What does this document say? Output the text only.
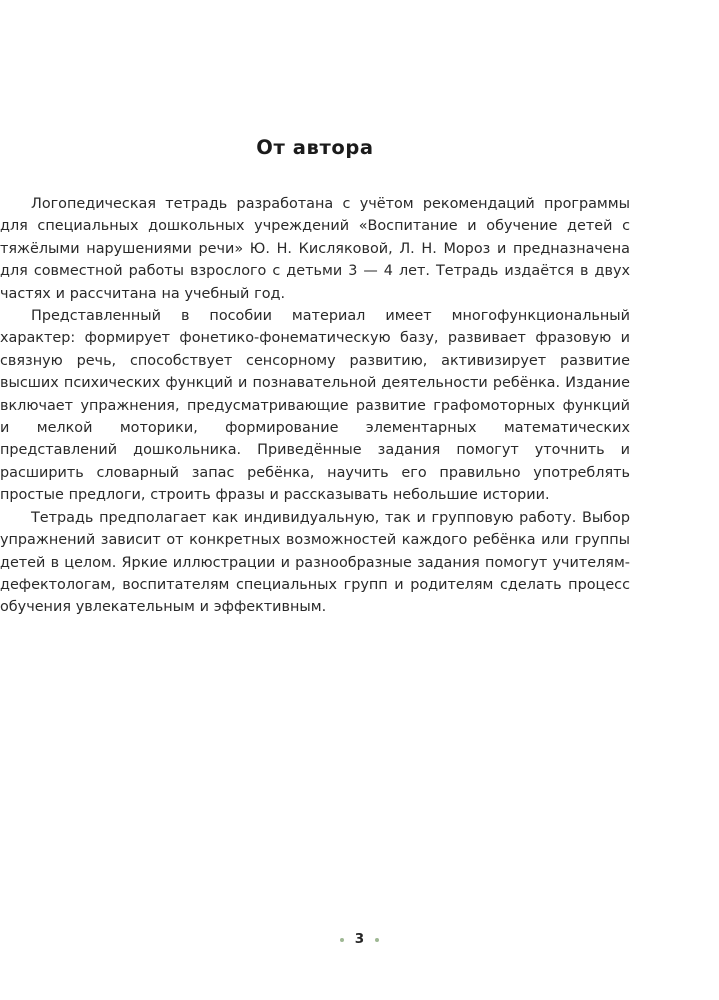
От автора

Логопедическая тетрадь разработана с учётом рекомендаций программы для специальных дошкольных учреждений «Воспитание и обучение детей с тяжёлыми нарушениями речи» Ю. Н. Кисляковой, Л. Н. Мороз и предназначена для совместной работы взрослого с детьми 3 — 4 лет. Тетрадь издаётся в двух частях и рассчитана на учебный год.

Представленный в пособии материал имеет многофункциональный характер: формирует фонетико-фонематическую базу, развивает фразовую и связную речь, способствует сенсорному развитию, активизирует развитие высших психических функций и познавательной деятельности ребёнка. Издание включает упражнения, предусматривающие развитие графомоторных функций и мелкой моторики, формирование элементарных математических представлений дошкольника. Приведённые задания помогут уточнить и расширить словарный запас ребёнка, научить его правильно употреблять простые предлоги, строить фразы и рассказывать небольшие истории.

Тетрадь предполагает как индивидуальную, так и групповую работу. Выбор упражнений зависит от конкретных возможностей каждого ребёнка или группы детей в целом. Яркие иллюстрации и разнообразные задания помогут учителям-дефектологам, воспитателям специальных групп и родителям сделать процесс обучения увлекательным и эффективным.

3
